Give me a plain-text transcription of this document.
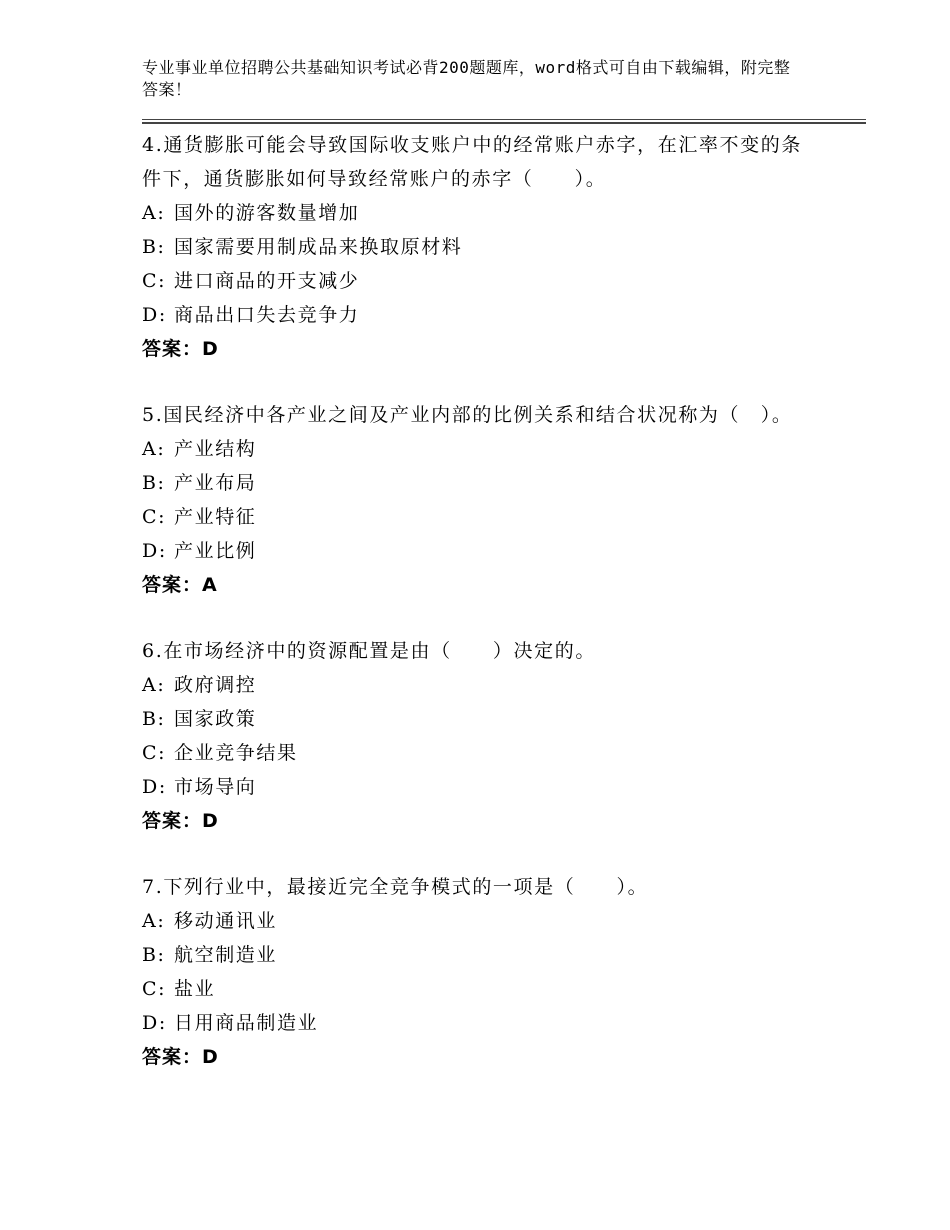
专业事业单位招聘公共基础知识考试必背200题题库，word格式可自由下载编辑，附完整答案！

4.通货膨胀可能会导致国际收支账户中的经常账户赤字，在汇率不变的条件下，通货膨胀如何导致经常账户的赤字（　　）。

A: 国外的游客数量增加

B: 国家需要用制成品来换取原材料

C: 进口商品的开支减少

D: 商品出口失去竞争力

答案：D

5.国民经济中各产业之间及产业内部的比例关系和结合状况称为（　）。

A: 产业结构

B: 产业布局

C: 产业特征

D: 产业比例

答案：A

6.在市场经济中的资源配置是由（　　）决定的。

A: 政府调控

B: 国家政策

C: 企业竞争结果

D: 市场导向

答案：D

7.下列行业中，最接近完全竞争模式的一项是（　　）。

A: 移动通讯业

B: 航空制造业

C: 盐业

D: 日用商品制造业

答案：D
